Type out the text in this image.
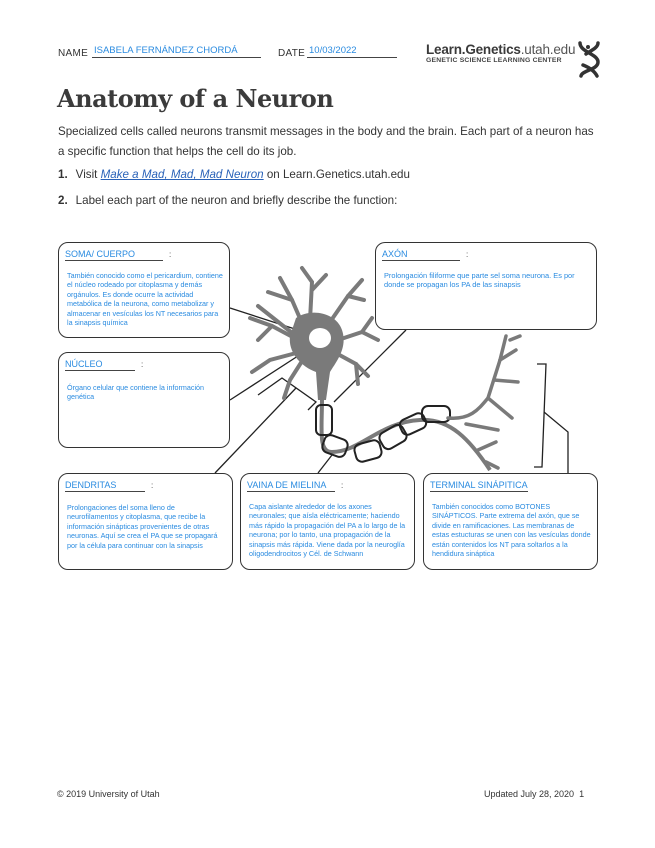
NAME ISABELA FERNÁNDEZ CHORDÁ	DATE 10/03/2022	Learn.Genetics.utah.edu
GENETIC SCIENCE LEARNING CENTER
Anatomy of a Neuron
Specialized cells called neurons transmit messages in the body and the brain. Each part of a neuron has a specific function that helps the cell do its job.
1. Visit Make a Mad, Mad, Mad Neuron on Learn.Genetics.utah.edu
2. Label each part of the neuron and briefly describe the function:
SOMA/ CUERPO	:
También conocido como el pericardium, contiene el núcleo rodeado por citoplasma y demás orgánulos. Es donde ocurre la actividad metabólica de la neurona, como metabolizar y almacenar en vesículas los NT necesarios para la sinapsis química
NÚCLEO	:
Órgano celular que contiene la información genética
AXÓN	:
Prolongación filiforme que parte sel soma neurona. Es por donde se propagan los PA de las sinapsis
DENDRITAS	:
Prolongaciones del soma lleno de neurofilamentos y citoplasma, que recibe la información sinápticas provenientes de otras neuronas. Aquí se crea el PA que se propagará por la célula para continuar con la sinapsis
VAINA DE MIELINA :
Capa aislante alrededor de los axones neuronales; que aísla eléctricamente; haciendo más rápido la propagación del PA a lo largo de la neurona; por lo tanto, una propagación de la sinapsis más rápida. Viene dada por la neuroglía oligodendrocitos y Cél. de Schwann
TERMINAL SINÁPITICA
También conocidos como BOTONES SINÁPTICOS. Parte extrema del axón, que se divide en ramificaciones. Las membranas de estas estucturas se unen con las vesículas donde están contenidos los NT para soltarlos a la hendidura sináptica
© 2019 University of Utah	Updated July 28, 2020 1
